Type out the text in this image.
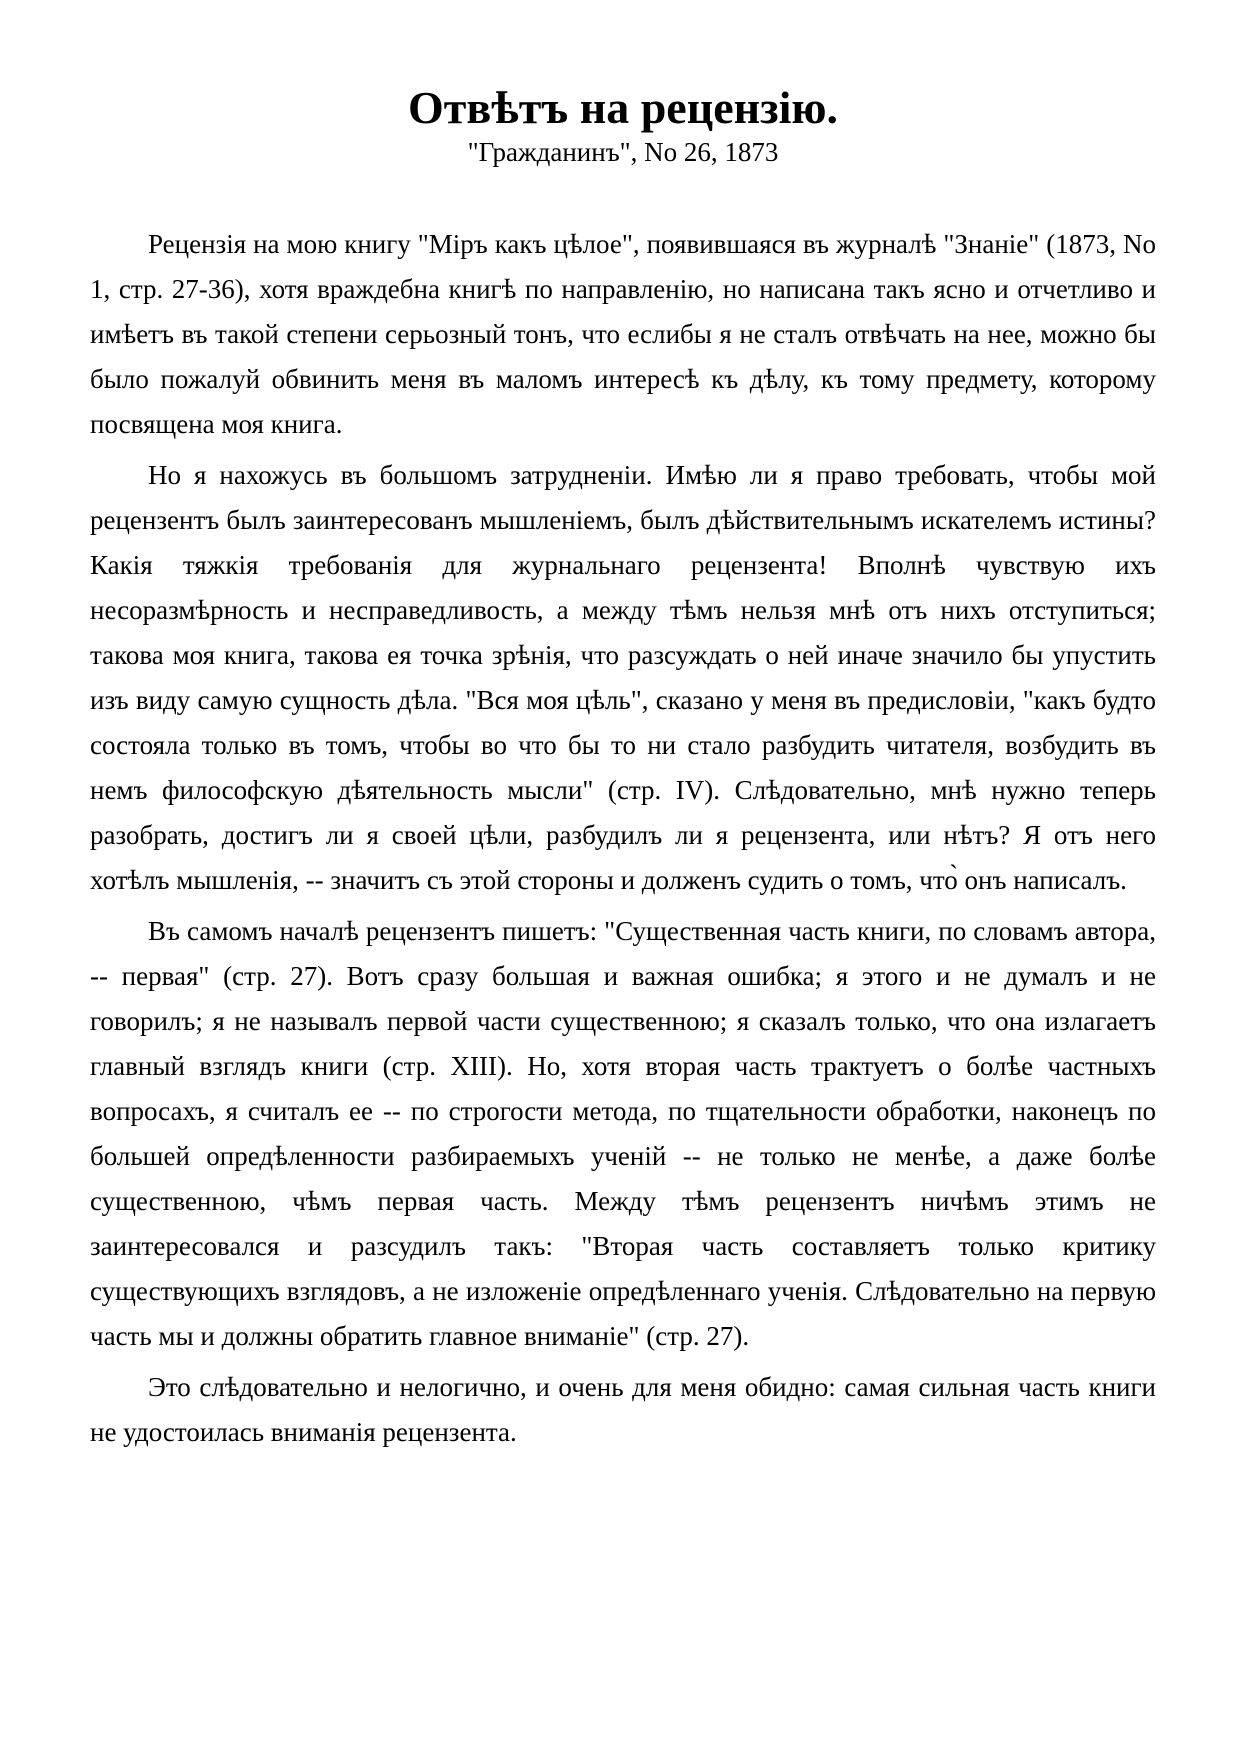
Отвѣтъ на рецензію.

"Гражданинъ", No 26, 1873

Рецензія на мою книгу "Міръ какъ цѣлое", появившаяся въ журналѣ "Знаніе" (1873, No 1, стр. 27-36), хотя враждебна книгѣ по направленію, но написана такъ ясно и отчетливо и имѣетъ въ такой степени серьозный тонъ, что еслибы я не сталъ отвѣчать на нее, можно бы было пожалуй обвинить меня въ маломъ интересѣ къ дѣлу, къ тому предмету, которому посвящена моя книга.

Но я нахожусь въ большомъ затрудненіи. Имѣю ли я право требовать, чтобы мой рецензентъ былъ заинтересованъ мышленіемъ, былъ дѣйствительнымъ искателемъ истины? Какія тяжкія требованія для журнальнаго рецензента! Вполнѣ чувствую ихъ несоразмѣрность и несправедливость, а между тѣмъ нельзя мнѣ отъ нихъ отступиться; такова моя книга, такова ея точка зрѣнія, что разсуждать о ней иначе значило бы упустить изъ виду самую сущность дѣла. "Вся моя цѣль", сказано у меня въ предисловіи, "какъ будто состояла только въ томъ, чтобы во что бы то ни стало разбудить читателя, возбудить въ немъ философскую дѣятельность мысли" (стр. IV). Слѣдовательно, мнѣ нужно теперь разобрать, достигъ ли я своей цѣли, разбудилъ ли я рецензента, или нѣтъ? Я отъ него хотѣлъ мышленія, -- значитъ съ этой стороны и долженъ судить о томъ, что̀ онъ написалъ.

Въ самомъ началѣ рецензентъ пишетъ: "Существенная часть книги, по словамъ автора, -- первая" (стр. 27). Вотъ сразу большая и важная ошибка; я этого и не думалъ и не говорилъ; я не называлъ первой части существенною; я сказалъ только, что она излагаетъ главный взглядъ книги (стр. XIII). Но, хотя вторая часть трактуетъ о болѣе частныхъ вопросахъ, я считалъ ее -- по строгости метода, по тщательности обработки, наконецъ по большей опредѣленности разбираемыхъ ученій -- не только не менѣе, а даже болѣе существенною, чѣмъ первая часть. Между тѣмъ рецензентъ ничѣмъ этимъ не заинтересовался и разсудилъ такъ: "Вторая часть составляетъ только критику существующихъ взглядовъ, а не изложеніе опредѣленнаго ученія. Слѣдовательно на первую часть мы и должны обратить главное вниманіе" (стр. 27).

Это слѣдовательно и нелогично, и очень для меня обидно: самая сильная часть книги не удостоилась вниманія рецензента.
